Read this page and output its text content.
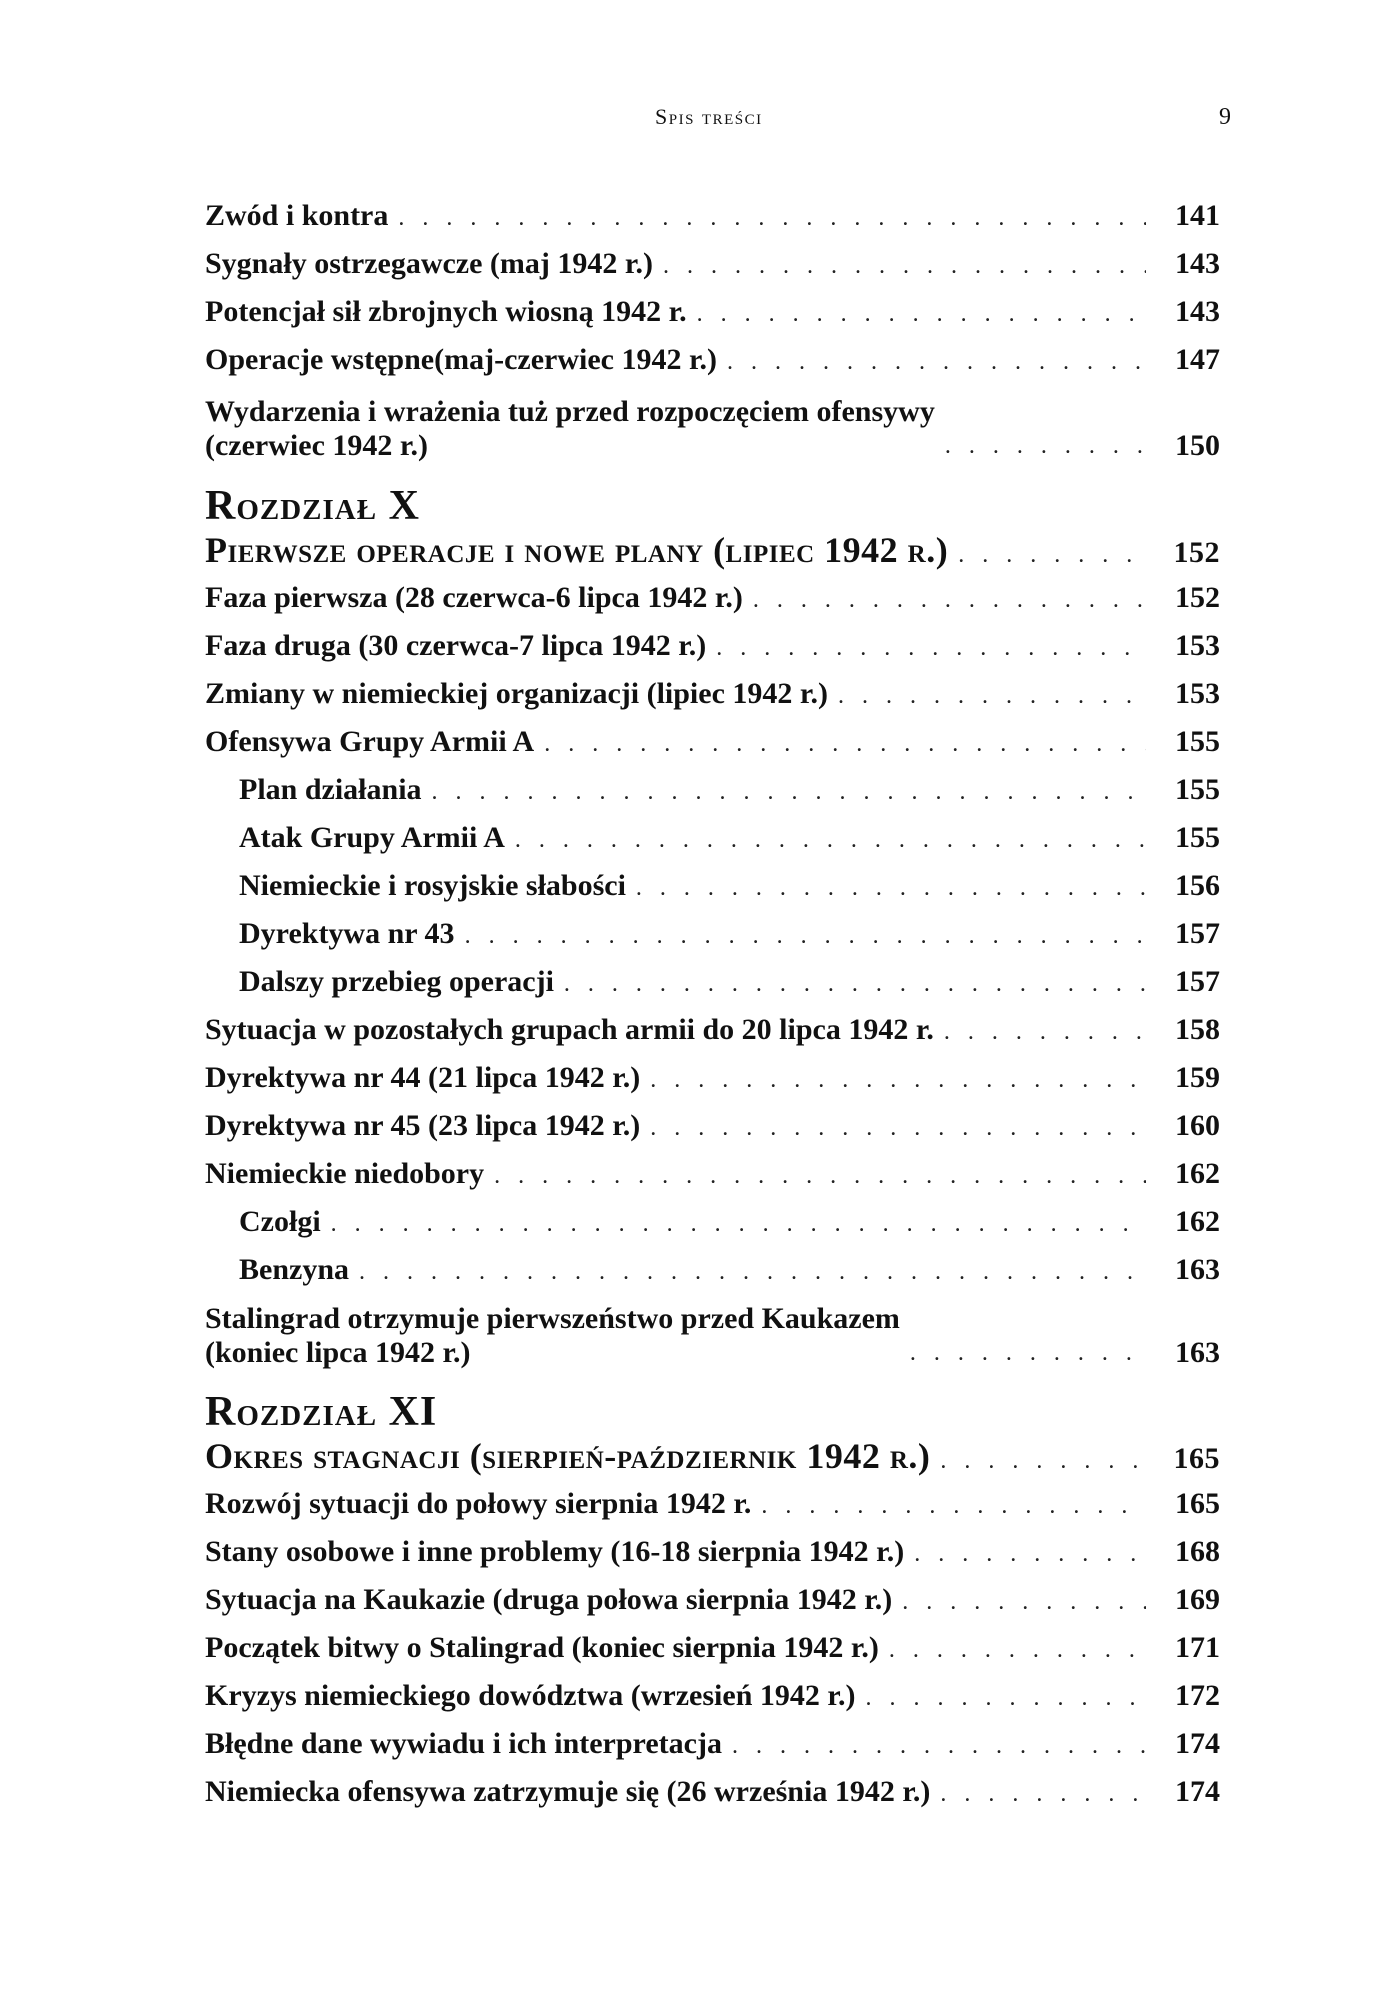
Spis treści	9
Zwód i kontra . . .	141
Sygnały ostrzegawcze (maj 1942 r.) . . .	143
Potencjał sił zbrojnych wiosną 1942 r. . . .	143
Operacje wstępne(maj-czerwiec 1942 r.) . . .	147
Wydarzenia i wrażenia tuż przed rozpoczęciem ofensywy
(czerwiec 1942 r.) . . .	150
Rozdział X
Pierwsze operacje i nowe plany (lipiec 1942 r.) . . .	152
Faza pierwsza (28 czerwca-6 lipca 1942 r.) . . .	152
Faza druga (30 czerwca-7 lipca 1942 r.) . . .	153
Zmiany w niemieckiej organizacji (lipiec 1942 r.) . . .	153
Ofensywa Grupy Armii A . . .	155
Plan działania . . .	155
Atak Grupy Armii A . . .	155
Niemieckie i rosyjskie słabości . . .	156
Dyrektywa nr 43 . . .	157
Dalszy przebieg operacji . . .	157
Sytuacja w pozostałych grupach armii do 20 lipca 1942 r. . . .	158
Dyrektywa nr 44 (21 lipca 1942 r.) . . .	159
Dyrektywa nr 45 (23 lipca 1942 r.) . . .	160
Niemieckie niedobory . . .	162
Czołgi . . .	162
Benzyna . . .	163
Stalingrad otrzymuje pierwszeństwo przed Kaukazem
(koniec lipca 1942 r.) . . .	163
Rozdział XI
Okres stagnacji (sierpień-październik 1942 r.) . . .	165
Rozwój sytuacji do połowy sierpnia 1942 r. . . .	165
Stany osobowe i inne problemy (16-18 sierpnia 1942 r.) . . .	168
Sytuacja na Kaukazie (druga połowa sierpnia 1942 r.) . . .	169
Początek bitwy o Stalingrad (koniec sierpnia 1942 r.) . . .	171
Kryzys niemieckiego dowództwa (wrzesień 1942 r.) . . .	172
Błędne dane wywiadu i ich interpretacja . . .	174
Niemiecka ofensywa zatrzymuje się (26 września 1942 r.) . . .	174
